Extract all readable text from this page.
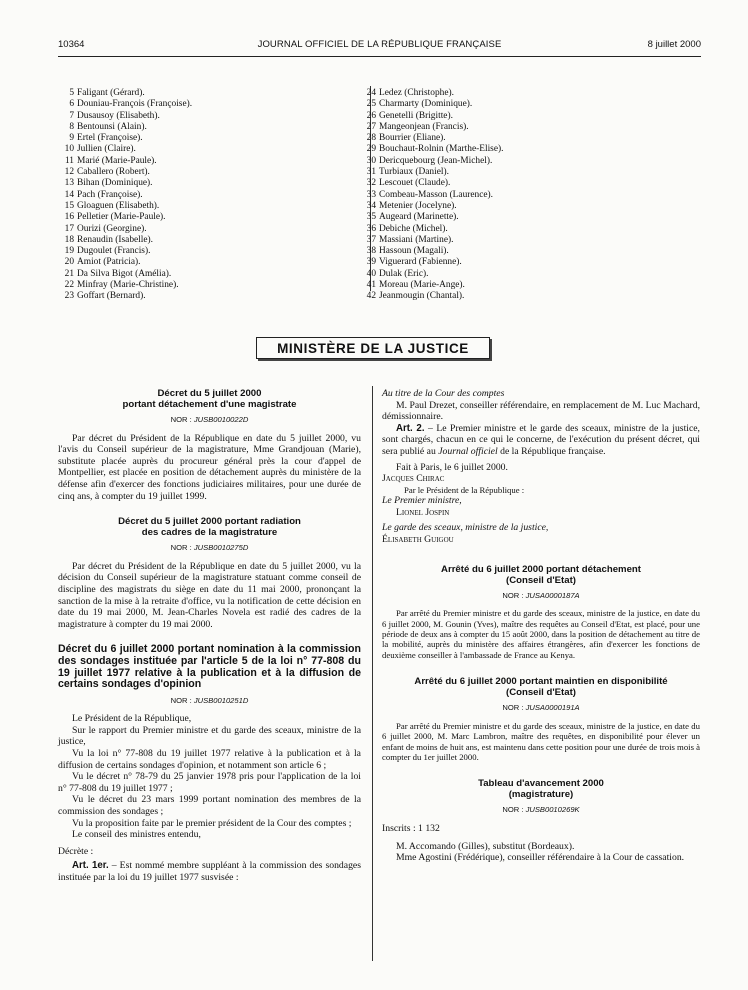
10364	JOURNAL OFFICIEL DE LA RÉPUBLIQUE FRANÇAISE	8 juillet 2000
5 Faligant (Gérard).
6 Douniau-François (Françoise).
7 Dusausoy (Elisabeth).
8 Bentounsi (Alain).
9 Ertel (Françoise).
10 Jullien (Claire).
11 Marié (Marie-Paule).
12 Caballero (Robert).
13 Bihan (Dominique).
14 Pach (Françoise).
15 Gloaguen (Elisabeth).
16 Pelletier (Marie-Paule).
17 Ourizi (Georgine).
18 Renaudin (Isabelle).
19 Dugoulet (Francis).
20 Amiot (Patricia).
21 Da Silva Bigot (Amélia).
22 Minfray (Marie-Christine).
23 Goffart (Bernard).
24 Ledez (Christophe).
25 Charmarty (Dominique).
26 Genetelli (Brigitte).
27 Mangeonjean (Francis).
28 Bourrier (Eliane).
29 Bouchaut-Rolnin (Marthe-Elise).
30 Dericquebourg (Jean-Michel).
31 Turbiaux (Daniel).
32 Lescouet (Claude).
33 Combeau-Masson (Laurence).
34 Metenier (Jocelyne).
35 Augeard (Marinette).
36 Debiche (Michel).
37 Massiani (Martine).
38 Hassoun (Magali).
39 Viguerard (Fabienne).
40 Dulak (Eric).
41 Moreau (Marie-Ange).
42 Jeanmougin (Chantal).
MINISTÈRE DE LA JUSTICE
Décret du 5 juillet 2000
portant détachement d'une magistrate
NOR : JUSB0010022D

Par décret du Président de la République en date du 5 juillet 2000, vu l'avis du Conseil supérieur de la magistrature, Mme Grandjouan (Marie), substitute placée auprès du procureur général près la cour d'appel de Montpellier, est placée en position de détachement auprès du ministère de la défense afin d'exercer des fonctions judiciaires militaires, pour une durée de cinq ans, à compter du 19 juillet 1999.

Décret du 5 juillet 2000 portant radiation
des cadres de la magistrature
NOR : JUSB0010275D

Par décret du Président de la République en date du 5 juillet 2000, vu la décision du Conseil supérieur de la magistrature statuant comme conseil de discipline des magistrats du siège en date du 11 mai 2000, prononçant la sanction de la mise à la retraite d'office, vu la notification de cette décision en date du 19 mai 2000, M. Jean-Charles Novela est radié des cadres de la magistrature à compter du 19 mai 2000.

Décret du 6 juillet 2000 portant nomination à la commission des sondages instituée par l'article 5 de la loi n° 77-808 du 19 juillet 1977 relative à la publication et à la diffusion de certains sondages d'opinion
NOR : JUSB0010251D

Le Président de la République,

Sur le rapport du Premier ministre et du garde des sceaux, ministre de la justice,

Vu la loi n° 77-808 du 19 juillet 1977 relative à la publication et à la diffusion de certains sondages d'opinion, et notamment son article 6 ;

Vu le décret n° 78-79 du 25 janvier 1978 pris pour l'application de la loi n° 77-808 du 19 juillet 1977 ;

Vu le décret du 23 mars 1999 portant nomination des membres de la commission des sondages ;

Vu la proposition faite par le premier président de la Cour des comptes ;

Le conseil des ministres entendu,

Décrète :

Art. 1er. – Est nommé membre suppléant à la commission des sondages instituée par la loi du 19 juillet 1977 susvisée :

Au titre de la Cour des comptes

M. Paul Drezet, conseiller référendaire, en remplacement de M. Luc Machard, démissionnaire.

Art. 2. – Le Premier ministre et le garde des sceaux, ministre de la justice, sont chargés, chacun en ce qui le concerne, de l'exécution du présent décret, qui sera publié au Journal officiel de la République française.

Fait à Paris, le 6 juillet 2000.

Jacques Chirac

Par le Président de la République :

Le Premier ministre,

Lionel Jospin

Le garde des sceaux, ministre de la justice,

Élisabeth Guigou

Arrêté du 6 juillet 2000 portant détachement
(Conseil d'Etat)
NOR : JUSA0000187A

Par arrêté du Premier ministre et du garde des sceaux, ministre de la justice, en date du 6 juillet 2000, M. Gounin (Yves), maître des requêtes au Conseil d'Etat, est placé, pour une période de deux ans à compter du 15 août 2000, dans la position de détachement au titre de la mobilité, auprès du ministère des affaires étrangères, afin d'exercer les fonctions de deuxième conseiller à l'ambassade de France au Kenya.

Arrêté du 6 juillet 2000 portant maintien en disponibilité
(Conseil d'Etat)
NOR : JUSA0000191A

Par arrêté du Premier ministre et du garde des sceaux, ministre de la justice, en date du 6 juillet 2000, M. Marc Lambron, maître des requêtes, en disponibilité pour élever un enfant de moins de huit ans, est maintenu dans cette position pour une durée de trois mois à compter du 1er juillet 2000.

Tableau d'avancement 2000
(magistrature)
NOR : JUSB0010269K

Inscrits : 1 132

M. Accomando (Gilles), substitut (Bordeaux).

Mme Agostini (Frédérique), conseiller référendaire à la Cour de cassation.
